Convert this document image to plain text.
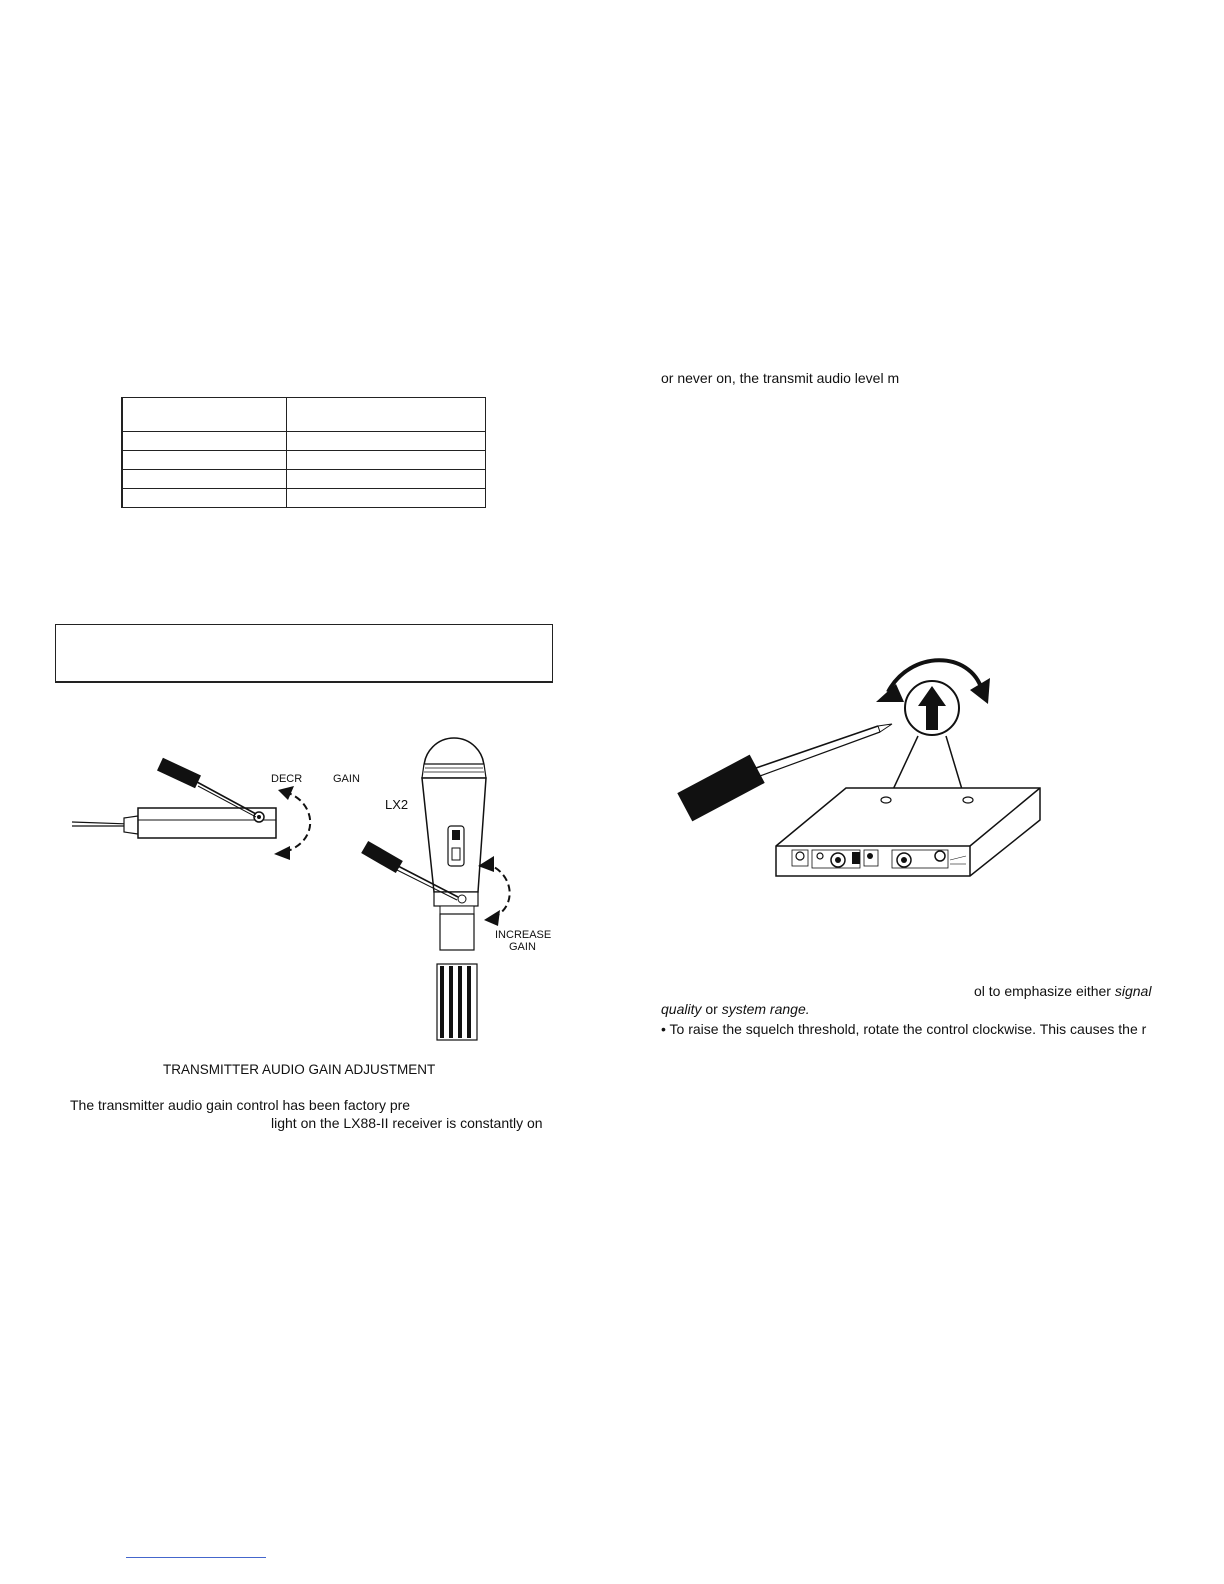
DECR	GAIN
LX2
INCREASE
GAIN
TRANSMITTER AUDIO GAIN ADJUSTMENT
The transmitter audio gain control has been factory pre
light on the LX88-II receiver is constantly on
or never on, the transmit audio level m
ol to emphasize either signal
quality or system range.
• To raise the squelch threshold, rotate the control clockwise. This causes the r
